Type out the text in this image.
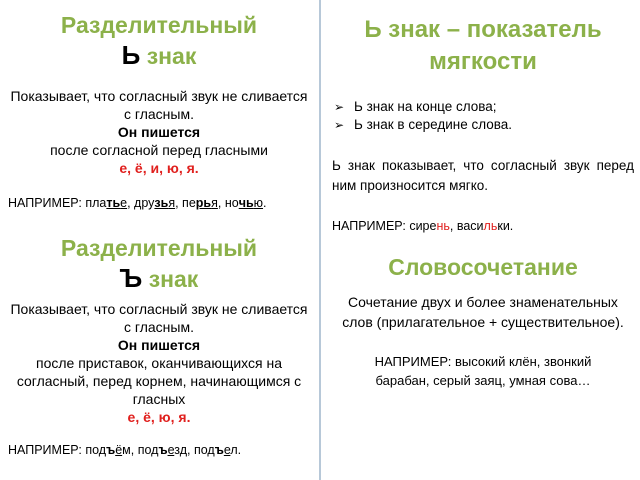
Разделительный
Ь знак
Показывает, что согласный звук не сливается с гласным.
Он пишется
после согласной перед гласными
е, ё, и, ю, я.
НАПРИМЕР: платье, друзья, перья, ночью.
Разделительный
Ъ знак
Показывает, что согласный звук не сливается с гласным.
Он пишется
после приставок, оканчивающихся на согласный, перед корнем, начинающимся с гласных
е, ё, ю, я.
НАПРИМЕР: подъём, подъезд, подъел.
Ь знак – показатель мягкости
➢ Ь знак на конце слова;
➢ Ь знак в середине слова.
Ь знак показывает, что согласный звук перед ним произносится мягко.
НАПРИМЕР: сирень, васильки.
Словосочетание
Сочетание двух и более знаменательных слов (прилагательное + существительное).
НАПРИМЕР: высокий клён, звонкий барабан, серый заяц, умная сова…
